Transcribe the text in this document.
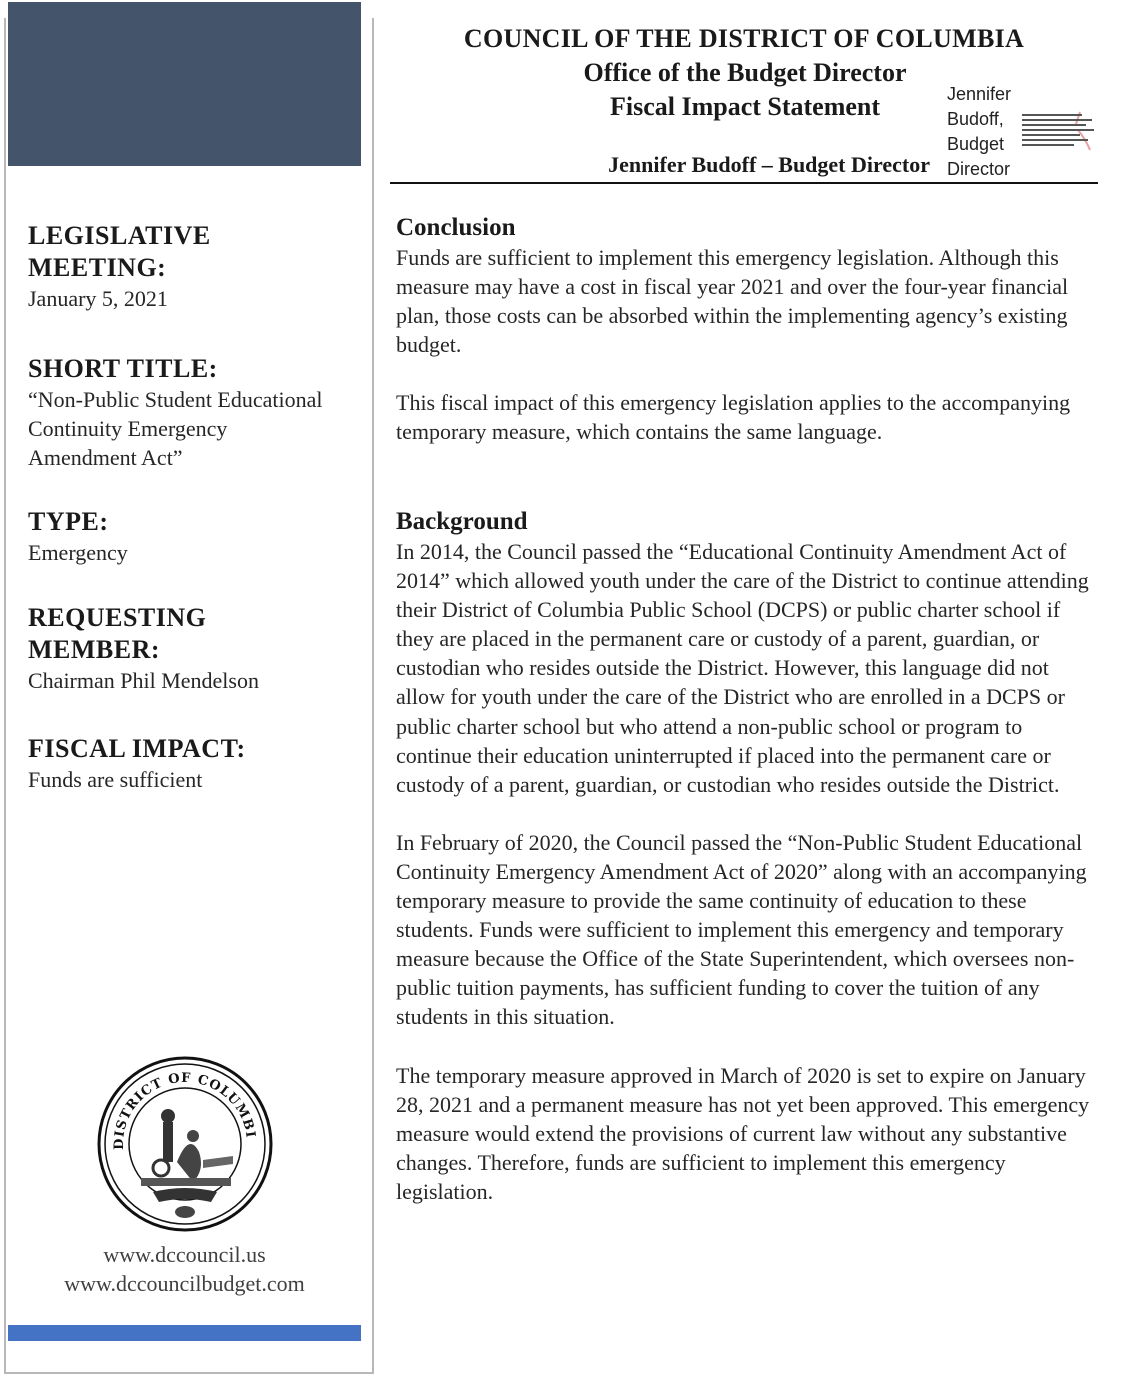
LEGISLATIVE MEETING:
January 5, 2021
SHORT TITLE:
“Non-Public Student Educational Continuity Emergency Amendment Act”
TYPE:
Emergency
REQUESTING MEMBER:
Chairman Phil Mendelson
FISCAL IMPACT:
Funds are sufficient
DISTRICT OF COLUMBI
www.dccouncil.us
www.dccouncilbudget.com
COUNCIL OF THE DISTRICT OF COLUMBIA
Office of the Budget Director
Fiscal Impact Statement
Jennifer Budoff – Budget Director
Jennifer Budoff, Budget Director

Conclusion

Funds are sufficient to implement this emergency legislation. Although this measure may have a cost in fiscal year 2021 and over the four-year financial plan, those costs can be absorbed within the implementing agency’s existing budget.

This fiscal impact of this emergency legislation applies to the accompanying temporary measure, which contains the same language.

Background

In 2014, the Council passed the “Educational Continuity Amendment Act of 2014” which allowed youth under the care of the District to continue attending their District of Columbia Public School (DCPS) or public charter school if they are placed in the permanent care or custody of a parent, guardian, or custodian who resides outside the District. However, this language did not allow for youth under the care of the District who are enrolled in a DCPS or public charter school but who attend a non-public school or program to continue their education uninterrupted if placed into the permanent care or custody of a parent, guardian, or custodian who resides outside the District.

In February of 2020, the Council passed the “Non-Public Student Educational Continuity Emergency Amendment Act of 2020” along with an accompanying temporary measure to provide the same continuity of education to these students. Funds were sufficient to implement this emergency and temporary measure because the Office of the State Superintendent, which oversees non-public tuition payments, has sufficient funding to cover the tuition of any students in this situation.

The temporary measure approved in March of 2020 is set to expire on January 28, 2021 and a permanent measure has not yet been approved. This emergency measure would extend the provisions of current law without any substantive changes. Therefore, funds are sufficient to implement this emergency legislation.
